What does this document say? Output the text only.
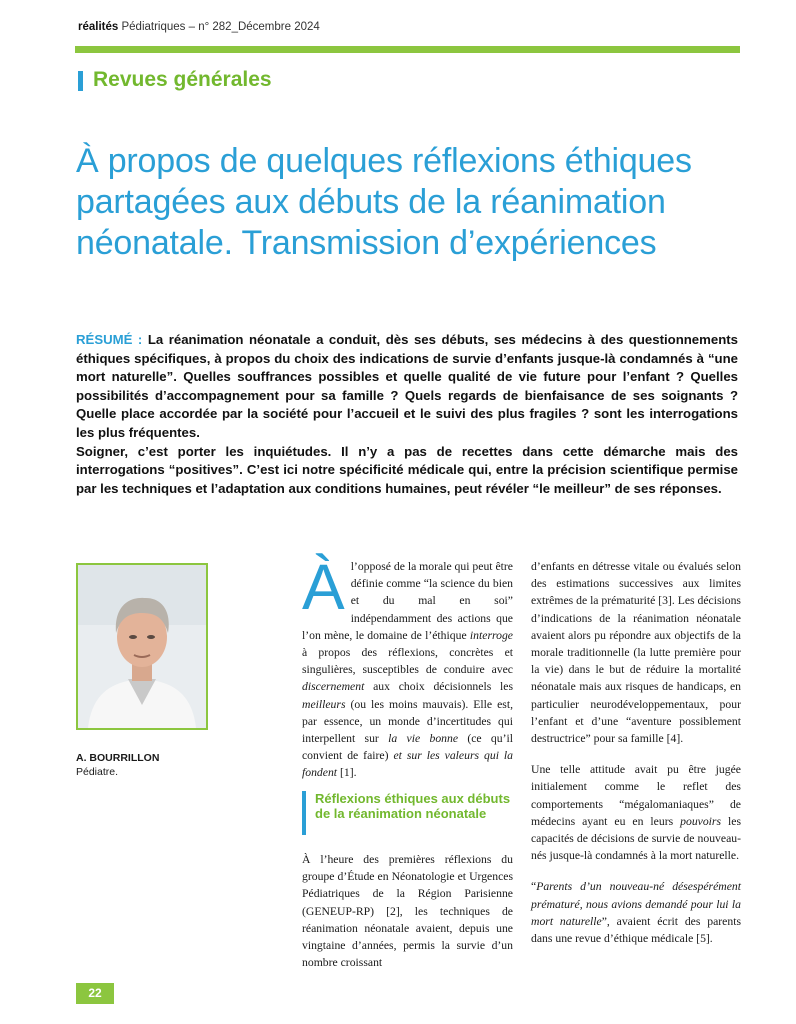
réalités Pédiatriques – n° 282_Décembre 2024
Revues générales
À propos de quelques réflexions éthiques partagées aux débuts de la réanimation néonatale. Transmission d’expériences

RÉSUMÉ : La réanimation néonatale a conduit, dès ses débuts, ses médecins à des questionnements éthiques spécifiques, à propos du choix des indications de survie d’enfants jusque-là condamnés à “une mort naturelle”. Quelles souffrances possibles et quelle qualité de vie future pour l’enfant ? Quelles possibilités d’accompagnement pour sa famille ? Quels regards de bienfaisance de ses soignants ? Quelle place accordée par la société pour l’accueil et le suivi des plus fragiles ? sont les interrogations les plus fréquentes.

Soigner, c’est porter les inquiétudes. Il n’y a pas de recettes dans cette démarche mais des interrogations “positives”. C’est ici notre spécificité médicale qui, entre la précision scientifique permise par les techniques et l’adaptation aux conditions humaines, peut révéler “le meilleur” de ses réponses.

A. BOURRILLON
Pédiatre.

À l’opposé de la morale qui peut être définie comme “la science du bien et du mal en soi” indépendamment des actions que l’on mène, le domaine de l’éthique interroge à propos des réflexions, concrètes et singulières, susceptibles de conduire avec discernement aux choix décisionnels les meilleurs (ou les moins mauvais). Elle est, par essence, un monde d’incertitudes qui interpellent sur la vie bonne (ce qu’il convient de faire) et sur les valeurs qui la fondent [1].

Réflexions éthiques aux débuts de la réanimation néonatale

À l’heure des premières réflexions du groupe d’Étude en Néonatologie et Urgences Pédiatriques de la Région Parisienne (GENEUP-RP) [2], les techniques de réanimation néonatale avaient, depuis une vingtaine d’années, permis la survie d’un nombre croissant

d’enfants en détresse vitale ou évalués selon des estimations successives aux limites extrêmes de la prématurité [3]. Les décisions d’indications de la réanimation néonatale avaient alors pu répondre aux objectifs de la morale traditionnelle (la lutte première pour la vie) dans le but de réduire la mortalité néonatale mais aux risques de handicaps, en particulier neurodéveloppementaux, pour l’enfant et d’une “aventure possiblement destructrice” pour sa famille [4].

Une telle attitude avait pu être jugée initialement comme le reflet des comportements “mégalomaniaques” de médecins ayant eu en leurs pouvoirs les capacités de décisions de survie de nouveau-nés jusque-là condamnés à la mort naturelle.

“Parents d’un nouveau-né désespérément prématuré, nous avions demandé pour lui la mort naturelle”, avaient écrit des parents dans une revue d’éthique médicale [5].

22
